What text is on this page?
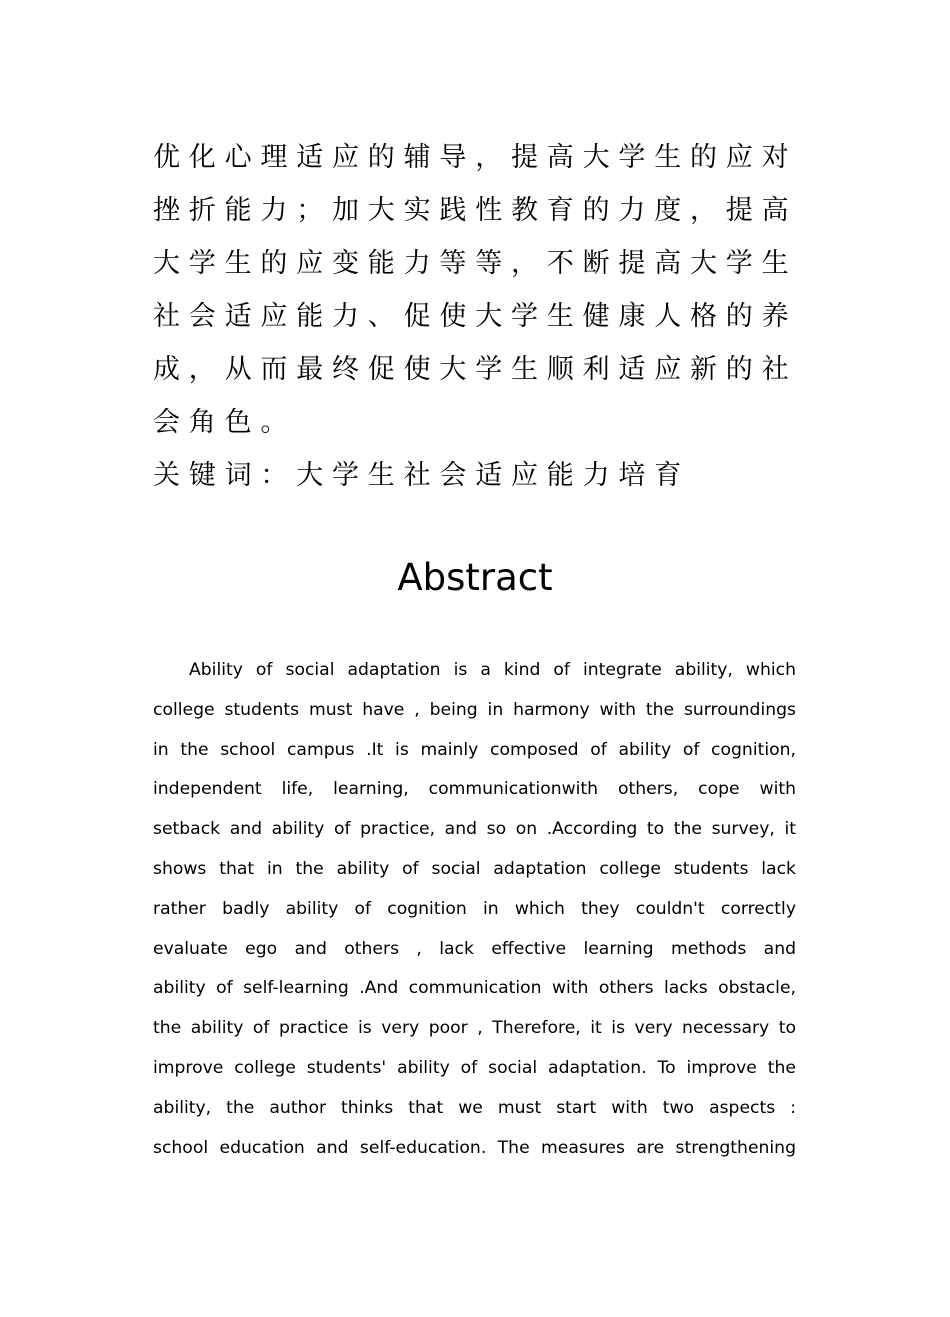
优化心理适应的辅导，提高大学生的应对
挫折能力；加大实践性教育的力度，提高
大学生的应变能力等等，不断提高大学生
社会适应能力、促使大学生健康人格的养
成，从而最终促使大学生顺利适应新的社
会角色。
关键词：大学生社会适应能力培育
Abstract
Ability of social adaptation is a kind of integrate ability, which
college students must have , being in harmony with the surroundings
in the school campus .It is mainly composed of ability of cognition,
independent life, learning, communicationwith others, cope with
setback and ability of practice, and so on .According to the survey, it
shows that in the ability of social adaptation college students lack
rather badly ability of cognition in which they couldn't correctly
evaluate ego and others , lack effective learning methods and
ability of self-learning .And communication with others lacks obstacle,
the ability of practice is very poor , Therefore, it is very necessary to
improve college students' ability of social adaptation. To improve the
ability, the author thinks that we must start with two aspects :
school education and self-education. The measures are strengthening
